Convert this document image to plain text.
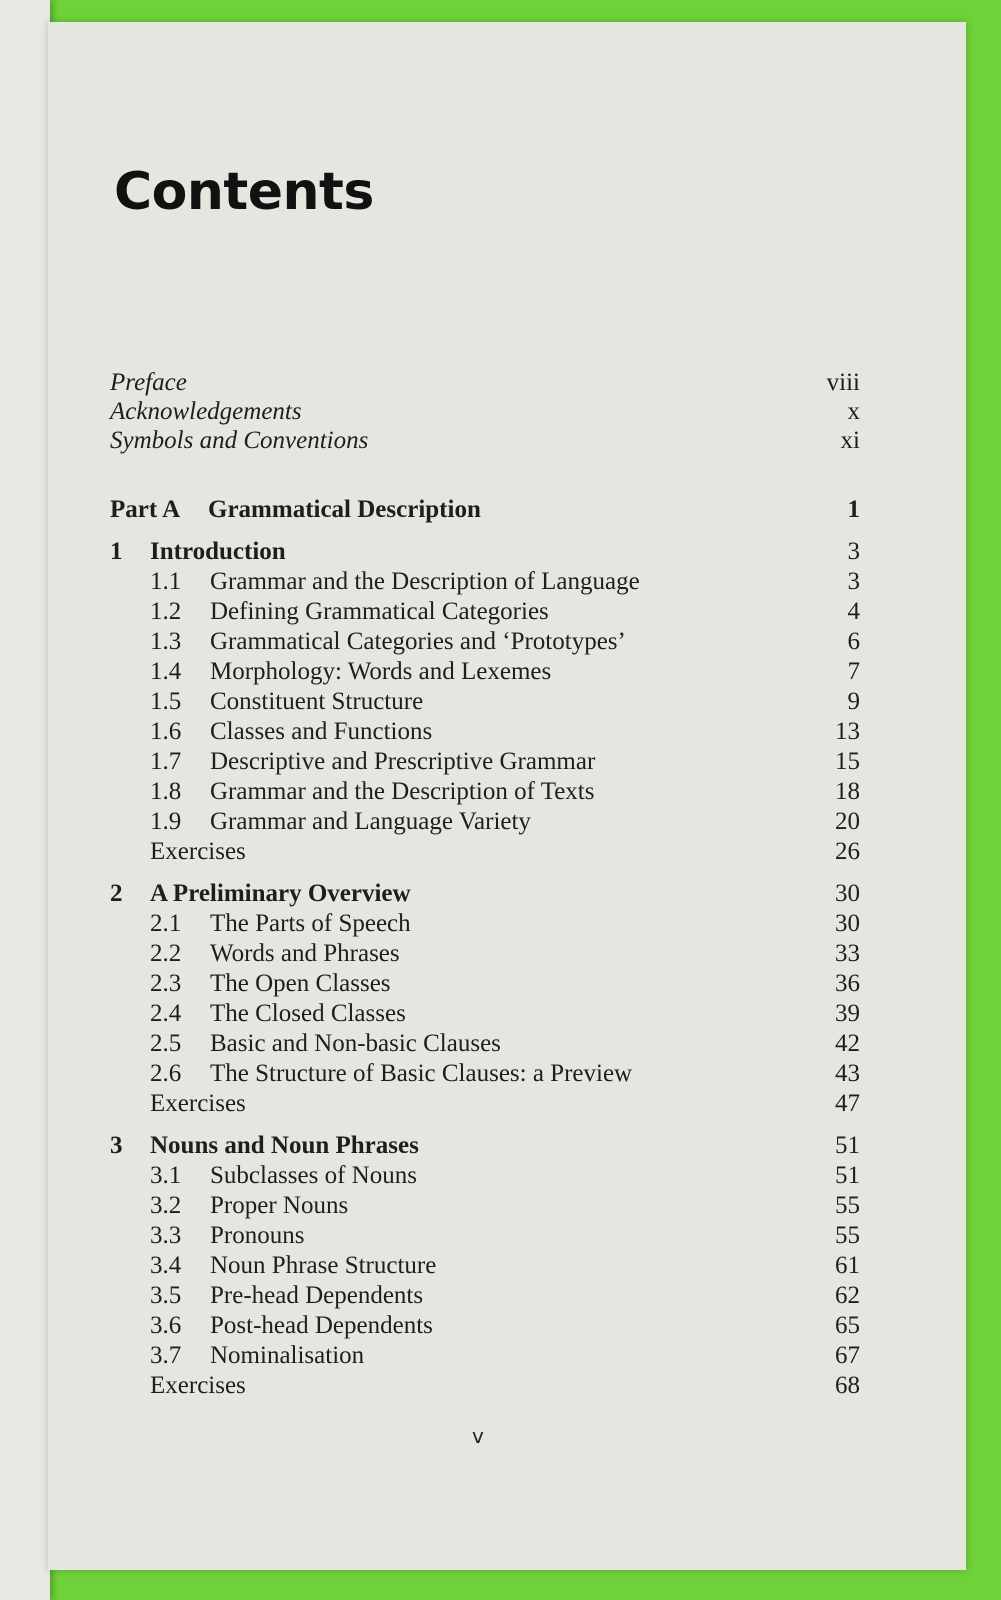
Contents
Preface	viii
Acknowledgements	x
Symbols and Conventions	xi
Part A Grammatical Description	1
1 Introduction	3
1.1 Grammar and the Description of Language	3
1.2 Defining Grammatical Categories	4
1.3 Grammatical Categories and ‘Prototypes’	6
1.4 Morphology: Words and Lexemes	7
1.5 Constituent Structure	9
1.6 Classes and Functions	13
1.7 Descriptive and Prescriptive Grammar	15
1.8 Grammar and the Description of Texts	18
1.9 Grammar and Language Variety	20
Exercises	26
2 A Preliminary Overview	30
2.1 The Parts of Speech	30
2.2 Words and Phrases	33
2.3 The Open Classes	36
2.4 The Closed Classes	39
2.5 Basic and Non-basic Clauses	42
2.6 The Structure of Basic Clauses: a Preview	43
Exercises	47
3 Nouns and Noun Phrases	51
3.1 Subclasses of Nouns	51
3.2 Proper Nouns	55
3.3 Pronouns	55
3.4 Noun Phrase Structure	61
3.5 Pre-head Dependents	62
3.6 Post-head Dependents	65
3.7 Nominalisation	67
Exercises	68
v
